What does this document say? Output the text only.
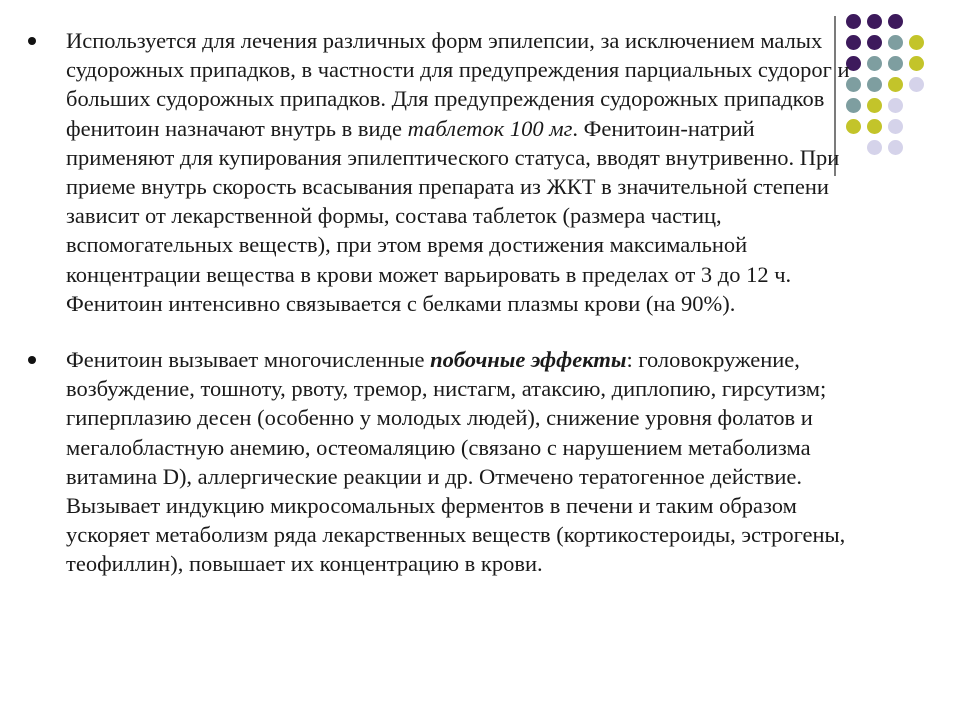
Используется для лечения различных форм эпилепсии, за исключением малых судорожных припадков, в частности для предупреждения парциальных судорог и больших судорожных припадков. Для предупреждения судорожных припадков фенитоин назначают внутрь в виде таблеток 100 мг. Фенитоин-натрий применяют для купирования эпилептического статуса, вводят внутривенно. При приеме внутрь скорость всасывания препарата из ЖКТ в значительной степени зависит от лекарственной формы, состава таблеток (размера частиц, вспомогательных веществ), при этом время достижения максимальной концентрации вещества в крови может варьировать в пределах от 3 до 12 ч. Фенитоин интенсивно связывается с белками плазмы крови (на 90%).

Фенитоин вызывает многочисленные побочные эффекты: головокружение, возбуждение, тошноту, рвоту, тремор, нистагм, атаксию, диплопию, гирсутизм; гиперплазию десен (особенно у молодых людей), снижение уровня фолатов и мегалобластную анемию, остеомаляцию (связано с нарушением метаболизма витамина D), аллергические реакции и др. Отмечено тератогенное действие. Вызывает индукцию микросомальных ферментов в печени и таким образом ускоряет метаболизм ряда лекарственных веществ (кортикостероиды, эстрогены, теофиллин), повышает их концентрацию в крови.
